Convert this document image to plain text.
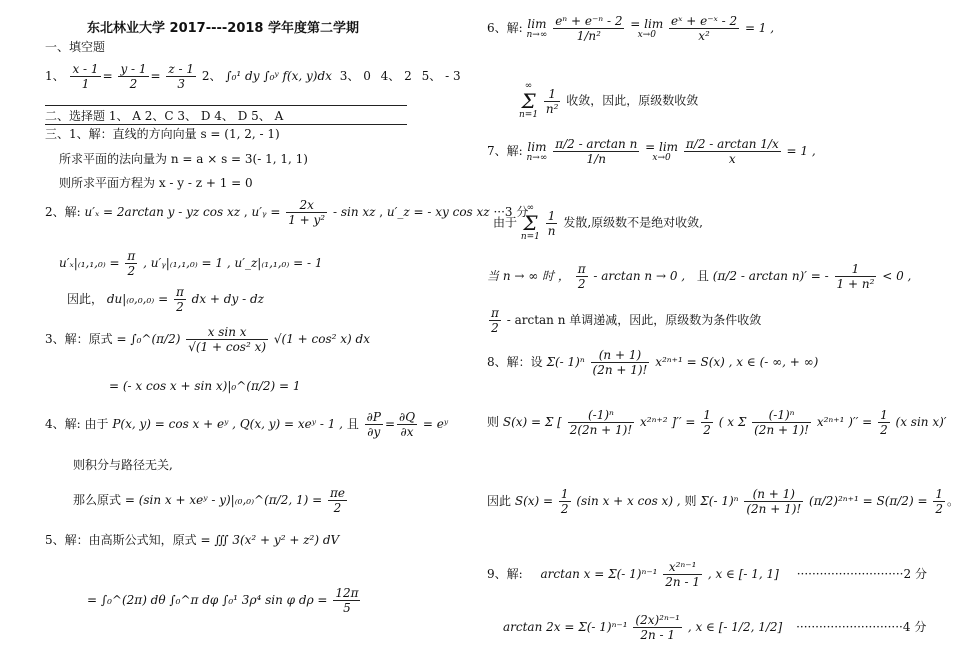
东北林业大学 2017----2018 学年度第二学期
一、填空题
1、 $\frac{x - 1}{1} = \frac{y - 1}{2} = \frac{z - 1}{3} 2$、 ∫₀¹ dy ∫₀ʸ f(x, y)dx 3、 0 4、 2 5、 - 3
二、选择题 1、 A 2、C 3、 D 4、 D 5、 A
三、1、解：直线的方向向量 s = (1, 2, - 1)
所求平面的法向量为 n = a × s = 3(- 1, 1, 1)
则所求平面方程为 x - y - z + 1 = 0
2、解: u′ₓ = 2arctan y - yz cos xz , u′ᵧ = $\frac{2x}{\text{1 + y²}}$ - sin xz , u′_z = - xy cos xz ···3 分
$u'_x|_{(1},_1,_{0)} = \frac{\pi}{2}$ , u′ᵧ|₍₁,₁,₀₎ = 1 , u′_z|₍₁,₁,₀₎ = - 1
因此， $du|_{(0},_0,_{0)} = \frac{\pi}{2}$ dx + dy - dz
3、解：原式 = ∫₀^(π/2) $\frac{\text{x sin x}}{\text{√(1 + cos² x)}} √(1 + \cos^2$ x) dx
= (- x cos x + sin x)|₀^(π/2) = 1
4、解: 由于 P(x, y) = cos x + eʸ , Q(x, y) = xeʸ - 1 , 且 $\frac{\partial P}{\partial y} = \frac{\partial Q}{\partial x}$ = eʸ
则积分与路径无关,
那么原式 = (sin x + xeʸ - y)|₍₀,₀₎^(π/2, $1) = \frac{\pi e}{2}$
5、解：由高斯公式知，原式 = ∭ 3(x² + y² + z²) dV
= ∫₀^(2π) dθ ∫₀^π dφ ∫₀¹ 3ρ⁴ sin φ $d\rho = \frac{12\pi}{5}$
6、解: lim
$n\to\infty \frac{\text{eⁿ + e⁻ⁿ - 2}}{\text{1/n²}}$
= lim
$x\to 0 \frac{\text{eˣ + e⁻ˣ - 2}}{\text{x²}} = 1$ ,
∞
Σ
$n=1 \frac{1}{\text{n²}}$ 收敛，因此，原级数收敛
7、解: lim
$n\to\infty \frac{\text{π/2 - arctan n}}{1/n}$
= lim
$x\to 0 \frac{\pi/2 - \arctan 1/x}{x} = 1$ ,
由于 ∞
Σ
$n=1 \frac{1}{n}$ 发散,原级数不是绝对收敛,
当 n → ∞ 时 ， $\frac{\pi}{2} - \arctan n \to 0$ , 且 (π/2 - arctan n)′ = - $\frac{1}{\text{1 + n²}} < 0$ ,
$\frac{\pi}{2}$ - arctan n 单调递减，因此，原级数为条件收敛
8、解：设 Σ(- $1)^n \frac{(n + 1)}{(2n + 1)!} x^{2n+1} = S(x)$ , x ∈ (- ∞, + ∞)
则 S(x) = Σ [ $\frac{\text{(-1)ⁿ}}{2(2n + 1)!} x^{2n+2}$ ]′′ = $\frac{1}{2}$ ( x Σ $\frac{\text{(-1)ⁿ}}{(2n + 1)!} x^{2n+1}$ )′′ = $\frac{1}{2} (x$ sin x)′
因此 $S(x) = \frac{1}{2} (\sin$ x + x cos x) , 则 Σ(- $1)^n \frac{(n + 1)}{(2n + 1)!} (\pi/2)^{2n+1} = S(\pi/2) = \frac{1}{2}$ 。
9、解: arctan x = Σ(- $1)^{n-1} \frac{\text{x²ⁿ⁻¹}}{2n - 1}$ , x ∈ [- 1, 1] ····························2 分
arctan 2x = Σ(- $1)^{n-1} \frac{\text{(2x)²ⁿ⁻¹}}{2n - 1}$ , x ∈ [- 1/2, 1/2] ····························4 分
